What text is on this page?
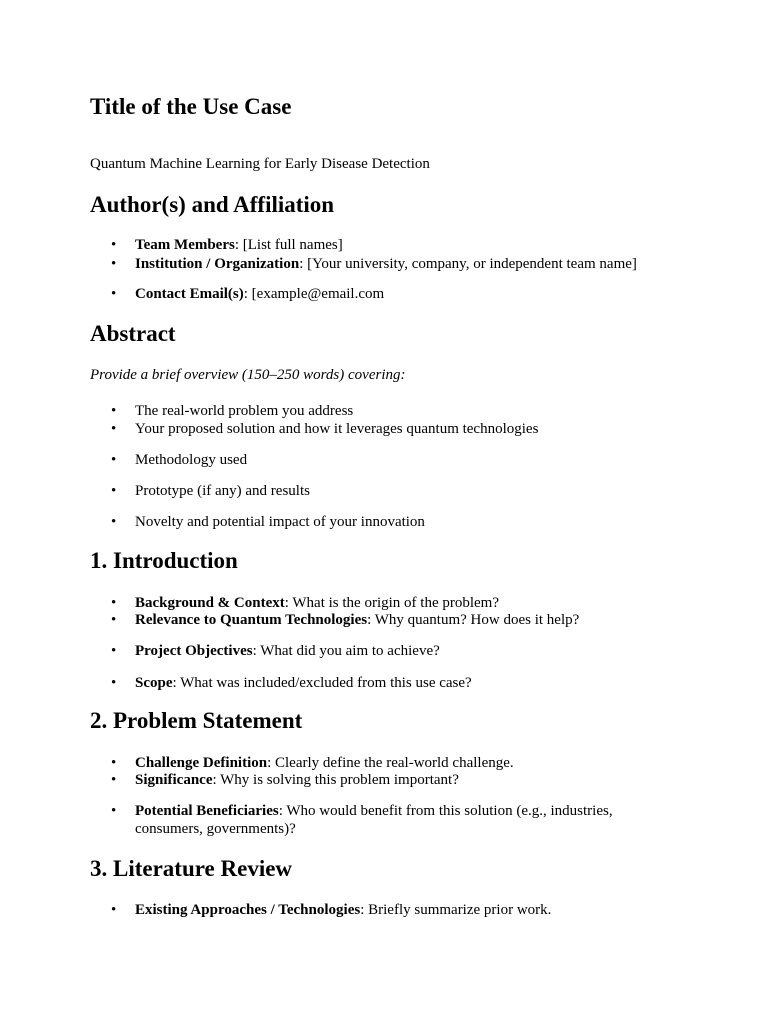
Title of the Use Case

Quantum Machine Learning for Early Disease Detection

Author(s) and Affiliation
• Team Members: [List full names]
• Institution / Organization: [Your university, company, or independent team name]
• Contact Email(s): [example@email.com
Abstract

Provide a brief overview (150–250 words) covering:

• The real-world problem you address
• Your proposed solution and how it leverages quantum technologies
• Methodology used
• Prototype (if any) and results
• Novelty and potential impact of your innovation
1. Introduction
• Background & Context: What is the origin of the problem?
• Relevance to Quantum Technologies: Why quantum? How does it help?
• Project Objectives: What did you aim to achieve?
• Scope: What was included/excluded from this use case?
2. Problem Statement
• Challenge Definition: Clearly define the real-world challenge.
• Significance: Why is solving this problem important?
• Potential Beneficiaries: Who would benefit from this solution (e.g., industries, consumers, governments)?
3. Literature Review
• Existing Approaches / Technologies: Briefly summarize prior work.
